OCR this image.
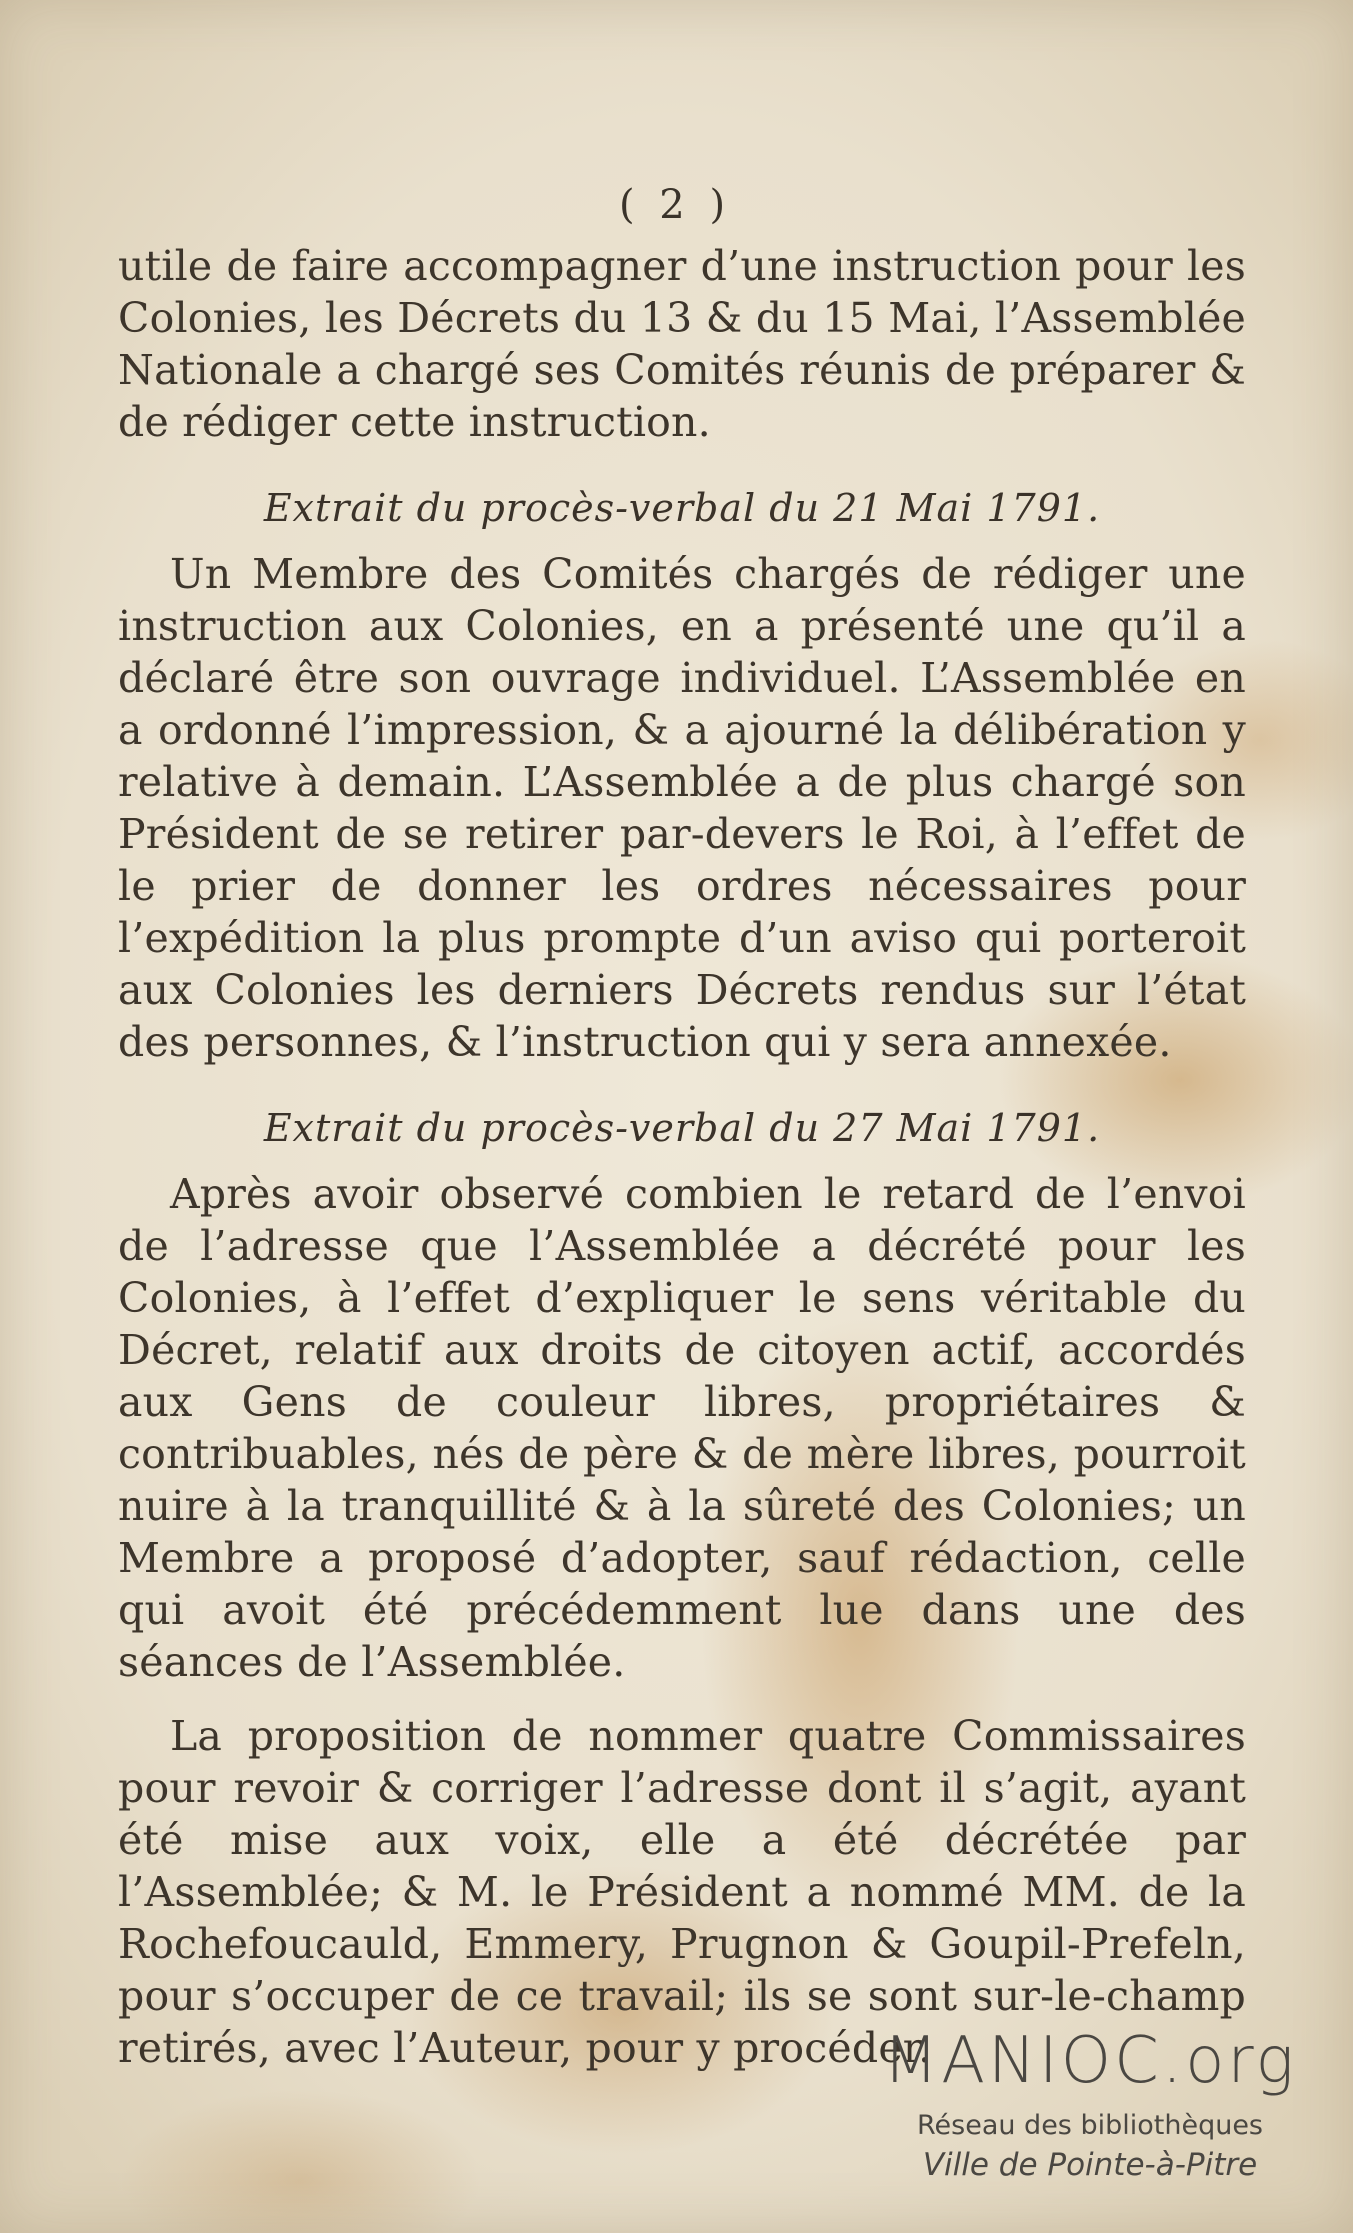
( 2 )

utile de faire accompagner d’une instruction pour les Colonies, les Décrets du 13 & du 15 Mai, l’Assemblée Nationale a chargé ses Comités réunis de préparer & de rédiger cette instruction.

Extrait du procès-verbal du 21 Mai 1791.

Un Membre des Comités chargés de rédiger une instruction aux Colonies, en a présenté une qu’il a déclaré être son ouvrage individuel. L’Assemblée en a ordonné l’impression, & a ajourné la délibération y relative à demain. L’Assemblée a de plus chargé son Président de se retirer par-devers le Roi, à l’effet de le prier de donner les ordres nécessaires pour l’expédition la plus prompte d’un aviso qui porteroit aux Colonies les derniers Décrets rendus sur l’état des personnes, & l’instruction qui y sera annexée.

Extrait du procès-verbal du 27 Mai 1791.

Après avoir observé combien le retard de l’envoi de l’adresse que l’Assemblée a décrété pour les Colonies, à l’effet d’expliquer le sens véritable du Décret, relatif aux droits de citoyen actif, accordés aux Gens de couleur libres, propriétaires & contribuables, nés de père & de mère libres, pourroit nuire à la tranquillité & à la sûreté des Colonies; un Membre a proposé d’adopter, sauf rédaction, celle qui avoit été précédemment lue dans une des séances de l’Assemblée.

La proposition de nommer quatre Commissaires pour revoir & corriger l’adresse dont il s’agit, ayant été mise aux voix, elle a été décrétée par l’Assemblée; & M. le Président a nommé MM. de la Rochefoucauld, Emmery, Prugnon & Goupil-Prefeln, pour s’occuper de ce travail; ils se sont sur-le-champ retirés, avec l’Auteur, pour y procéder.

MANIOC.org
Réseau des bibliothèques
Ville de Pointe-à-Pitre
